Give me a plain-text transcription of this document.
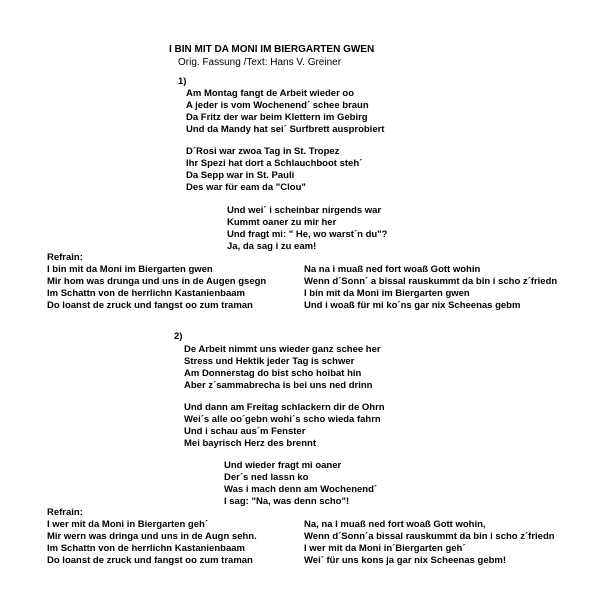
I BIN MIT DA MONI IM BIERGARTEN GWEN
Orig. Fassung /Text: Hans V. Greiner
1)
Am Montag fangt de Arbeit wieder oo
A jeder is vom Wochenend´ schee braun
Da Fritz der war beim Klettern im Gebirg
Und da Mandy hat sei´ Surfbrett ausprobiert
D´Rosi war zwoa Tag in St. Tropez
Ihr Spezi hat dort a Schlauchboot steh´
Da Sepp war in St. Pauli
Des war für eam da "Clou"
Und wei´ i scheinbar nirgends war
Kummt oaner zu mir her
Und fragt mi: " He, wo warst´n du"?
Ja, da sag i zu eam!
Refrain:
I bin mit da Moni im Biergarten gwen
Mir hom was drunga und uns in de Augen gsegn
Im Schattn von de herrlichn Kastanienbaam
Do loanst de zruck und fangst oo zum traman
Na na i muaß ned fort woaß Gott wohin
Wenn d´Sonn´ a bissal rauskummt da bin i scho z´friedn
I bin mit da Moni im Biergarten gwen
Und i woaß für mi ko´ns gar nix Scheenas gebm
2)
De Arbeit nimmt uns wieder ganz schee her
Stress und Hektik jeder Tag is schwer
Am Donnerstag do bist scho hoibat hin
Aber z´sammabrecha is bei uns ned drinn
Und dann am Freitag schlackern dir de Ohrn
Wei´s alle oo´gebn wohi´s scho wieda fahrn
Und i schau aus´m Fenster
Mei bayrisch Herz des brennt
Und wieder fragt mi oaner
Der´s ned lassn ko
Was i mach denn am Wochenend´
I sag: "Na, was denn scho"!
Refrain:
I wer mit da Moni in Biergarten geh´
Mir wern was dringa und uns in de Augn sehn.
Im Schattn von de herrlichn Kastanienbaam
Do loanst de zruck und fangst oo zum traman
Na, na I muaß ned fort woaß Gott wohin,
Wenn d´Sonn´a bissal rauskummt da bin i scho z´friedn
I wer mit da Moni in´Biergarten geh´
Wei´ für uns kons ja gar nix Scheenas gebm!
